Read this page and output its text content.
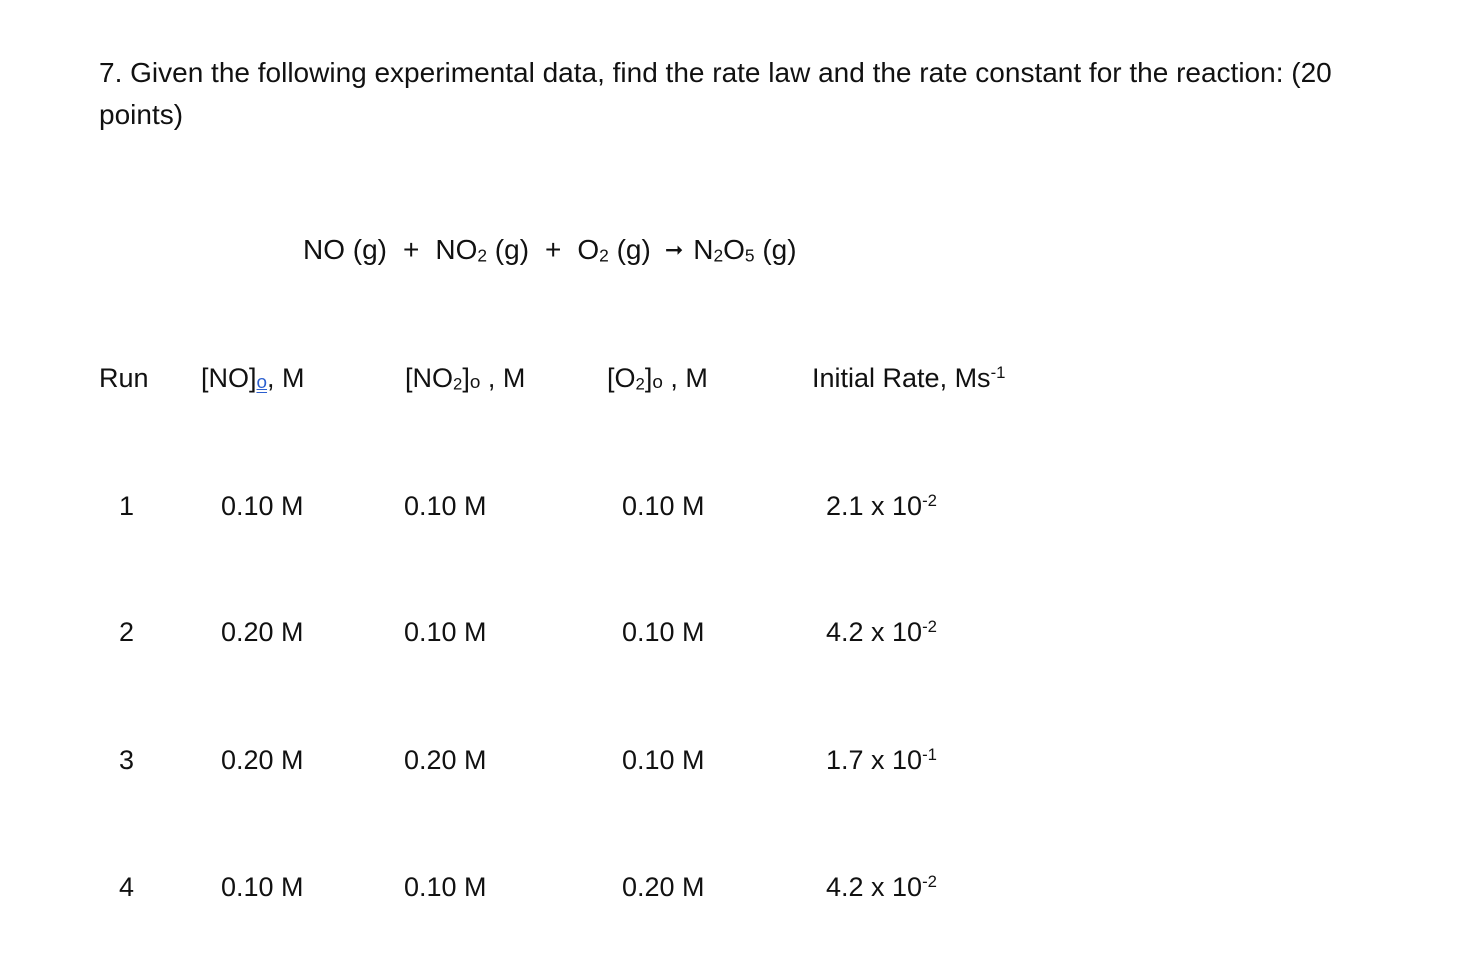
7. Given the following experimental data, find the rate law and the rate constant for the reaction: (20 points)
NO $(g) + NO_2$ $(g) + O_2$ (g) ➞ $N_2O_5$ (g)
Run [NO]o, M	$[NO_2]o$ , M	$[O_2]o$ , M	Initial Rate, $Ms^{-1}$
1	0.10 M	0.10 M	0.10 M	2.1 x $10^{-2}$
2	0.20 M	0.10 M	0.10 M	4.2 x $10^{-2}$
3	0.20 M	0.20 M	0.10 M	1.7 x $10^{-1}$
4	0.10 M	0.10 M	0.20 M	4.2 x $10^{-2}$
